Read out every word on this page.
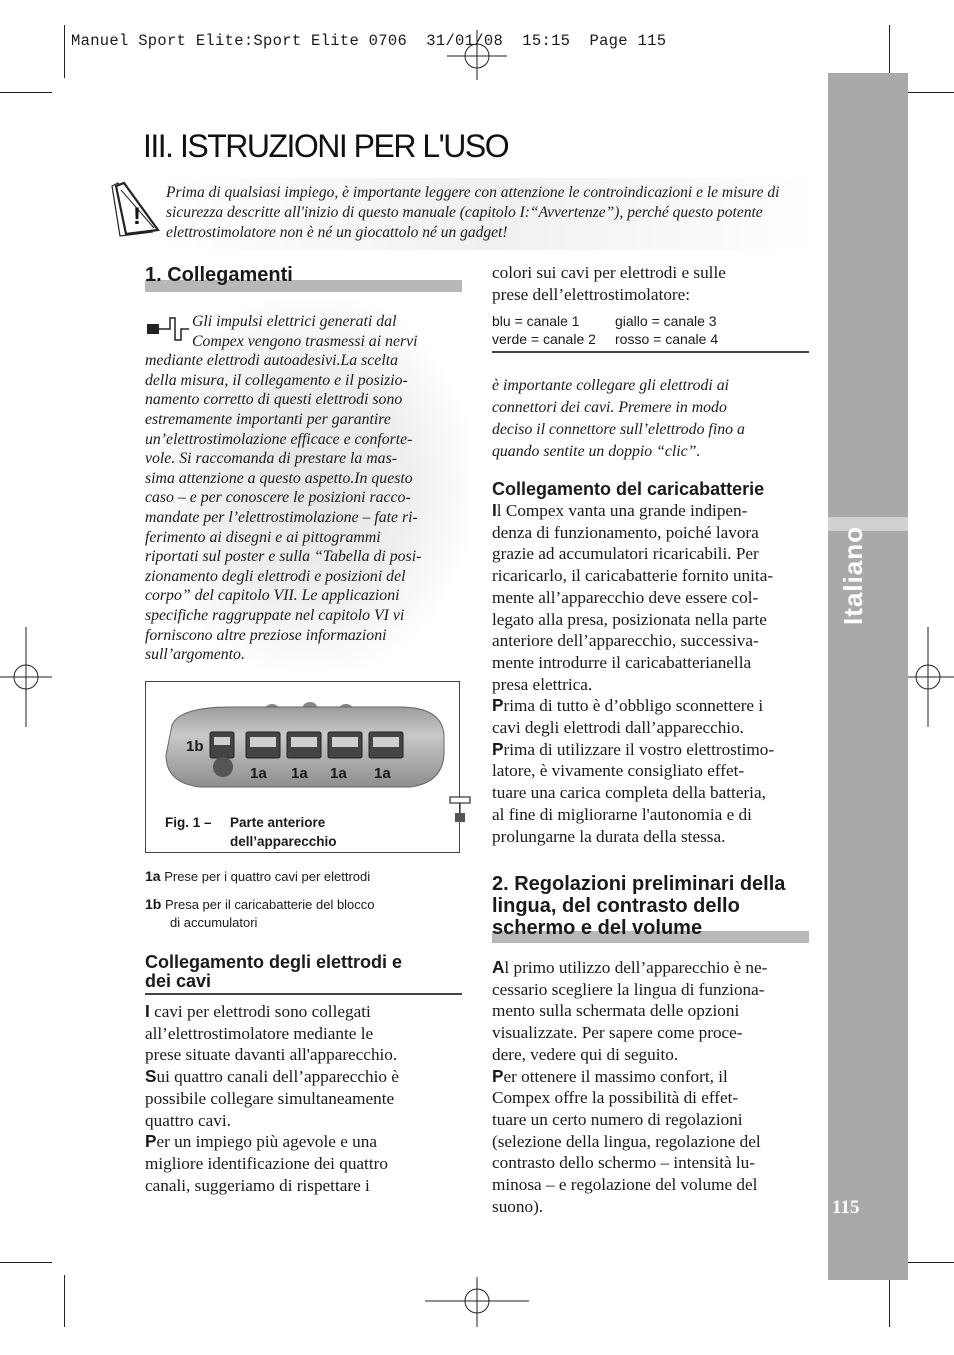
Manuel Sport Elite:Sport Elite 0706  31/01/08  15:15  Page 115
Italiano
115
III. ISTRUZIONI PER L'USO
!
Prima di qualsiasi impiego, è importante leggere con attenzione le controindicazioni e le misure di sicurezza descritte all'inizio di questo manuale (capitolo I:“Avvertenze”), perché questo potente elettrostimolatore non è né un giocattolo né un gadget!
1. Collegamenti
Gli impulsi elettrici generati dal
Compex vengono trasmessi ai nervi
mediante elettrodi autoadesivi.La scelta
della misura, il collegamento e il posizio-
namento corretto di questi elettrodi sono
estremamente importanti per garantire
un’elettrostimolazione efficace e conforte-
vole. Si raccomanda di prestare la mas-
sima attenzione a questo aspetto.In questo
caso – e per conoscere le posizioni racco-
mandate per l’elettrostimolazione – fate ri-
ferimento ai disegni e ai pittogrammi
riportati sul poster e sulla “Tabella di posi-
zionamento degli elettrodi e posizioni del
corpo” del capitolo VII. Le applicazioni
specifiche raggruppate nel capitolo VI vi
forniscono altre preziose informazioni
sull’argomento.
1b
1a 1a 1a 1a
Fig. 1 – Parte anteriore
dell’apparecchio
1a Prese per i quattro cavi per elettrodi
1b Presa per il caricabatterie del blocco
di accumulatori
Collegamento degli elettrodi e
dei cavi
I cavi per elettrodi sono collegati
all’elettrostimolatore mediante le
prese situate davanti all'apparecchio.
Sui quattro canali dell’apparecchio è
possibile collegare simultaneamente
quattro cavi.
Per un impiego più agevole e una
migliore identificazione dei quattro
canali, suggeriamo di rispettare i
colori sui cavi per elettrodi e sulle
prese dell’elettrostimolatore:
blu = canale 1	giallo = canale 3
verde = canale 2 rosso = canale 4
è importante collegare gli elettrodi ai
connettori dei cavi. Premere in modo
deciso il connettore sull’elettrodo fino a
quando sentite un doppio “clic”.
Collegamento del caricabatterie
Il Compex vanta una grande indipen-
denza di funzionamento, poiché lavora
grazie ad accumulatori ricaricabili. Per
ricaricarlo, il caricabatterie fornito unita-
mente all’apparecchio deve essere col-
legato alla presa, posizionata nella parte
anteriore dell’apparecchio, successiva-
mente introdurre il caricabatterianella
presa elettrica.
Prima di tutto è d’obbligo sconnettere i
cavi degli elettrodi dall’apparecchio.
Prima di utilizzare il vostro elettrostimo-
latore, è vivamente consigliato effet-
tuare una carica completa della batteria,
al fine di migliorarne l'autonomia e di
prolungarne la durata della stessa.
2. Regolazioni preliminari della
lingua, del contrasto dello
schermo e del volume
Al primo utilizzo dell’apparecchio è ne-
cessario scegliere la lingua di funziona-
mento sulla schermata delle opzioni
visualizzate. Per sapere come proce-
dere, vedere qui di seguito.
Per ottenere il massimo confort, il
Compex offre la possibilità di effet-
tuare un certo numero di regolazioni
(selezione della lingua, regolazione del
contrasto dello schermo – intensità lu-
minosa – e regolazione del volume del
suono).
